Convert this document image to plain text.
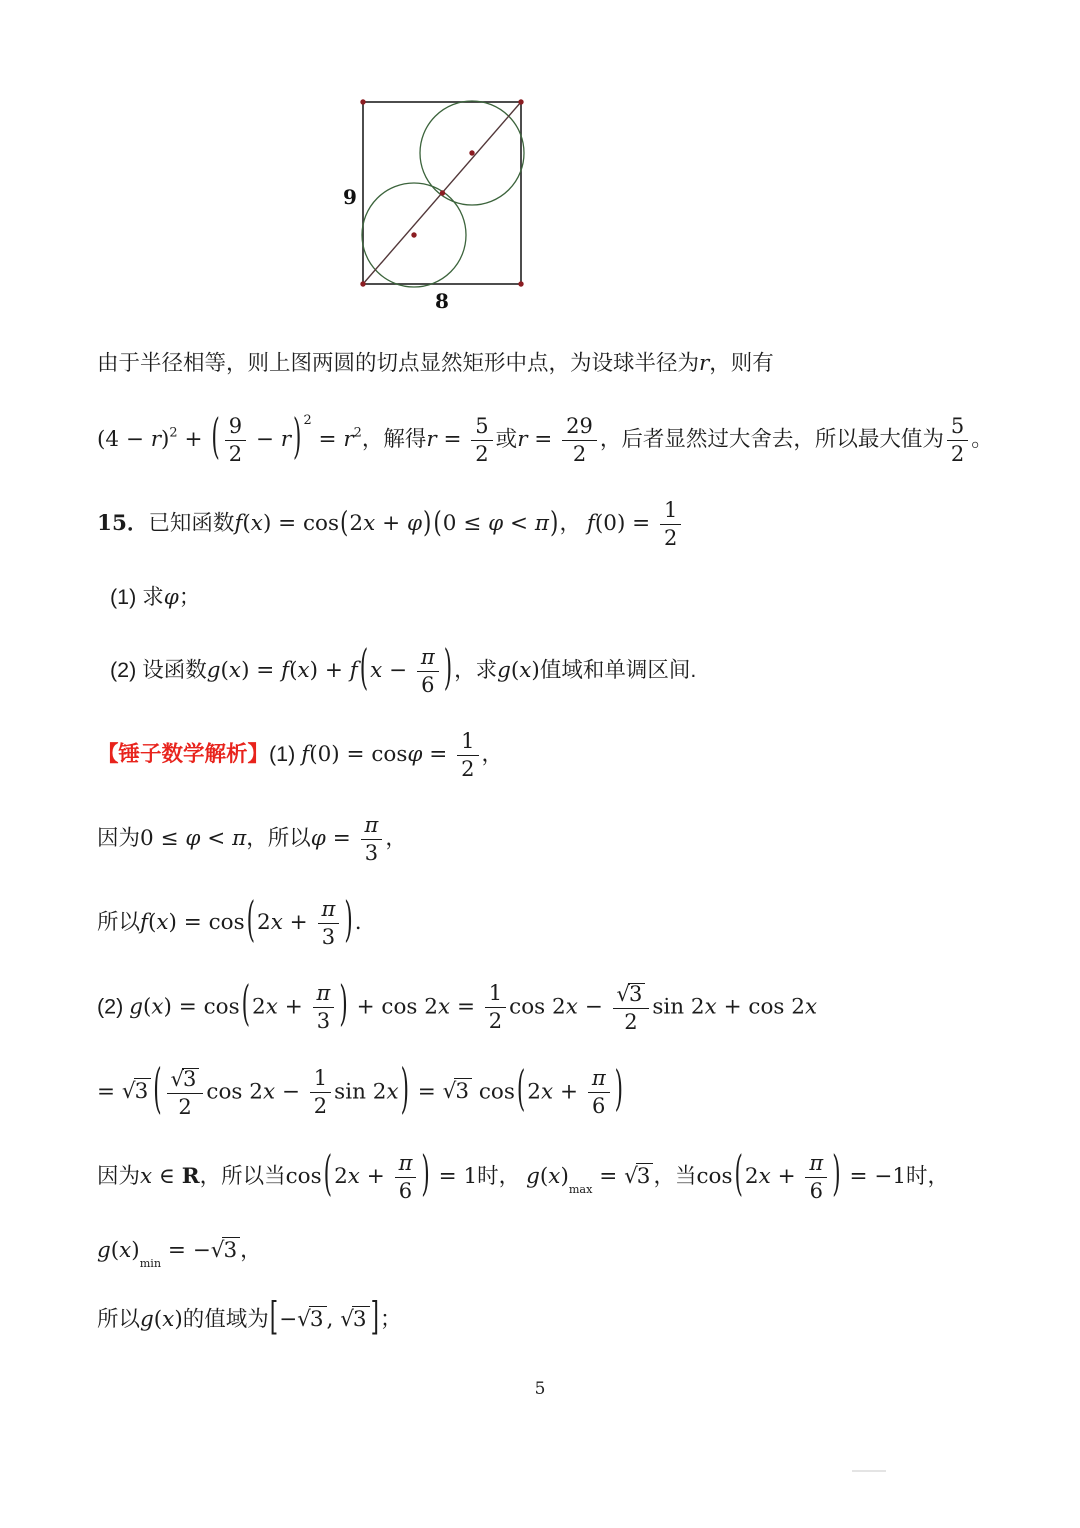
9
8
由于半径相等，则上图两圆的切点显然矩形中点，为设球半径为r，则有
$(4 - r)^2$ + ( $\frac{9}{2} - r$) $^2 = r^2$，解得$r = \frac{5}{2}$ 或$r = \frac{29}{2}$ ，后者显然过大舍去，所以最大值为 $\frac{5}{2}$ 。
15．已知函数f(x) = cos(2x + φ)(0 ≤ φ < π)， $f(0) = \frac{1}{2}$
(1) 求φ；
(2) 设函数$g(x) = f(x) + f(x - \frac{\pi}{6}$ )，求g(x)值域和单调区间.
【锤子数学解析】(1) $f(0) = \cos\varphi = \frac{1}{2}$ ，
因为0 ≤ φ < π，所以$\varphi = \frac{\pi}{3}$ ，
所以$f(x) = \cos(2x + \frac{\pi}{3}$ ).
(2) $g(x) = \cos(2x + \frac{\pi}{3}$ ) + $\cos 2x = \frac{1}{2}$ $\cos 2x - \frac{√3}{2}$ sin 2x + cos 2x
= √3 ( $\frac{√3}{2}$ $\cos 2x - \frac{1}{2}$ sin 2x) = √3 $\cos(2x + \frac{\pi}{6}$ )
因为x ∈ R，所以当$\cos(2x + \frac{\pi}{6}$ ) = 1时， $g(x)_{max} = √3$ ，当$\cos(2x + \frac{\pi}{6}$ ) = −1时，
$g(x)_{min} = -√3$ ，
所以g(x)的值域为[−√3 , √3 ]；
5
